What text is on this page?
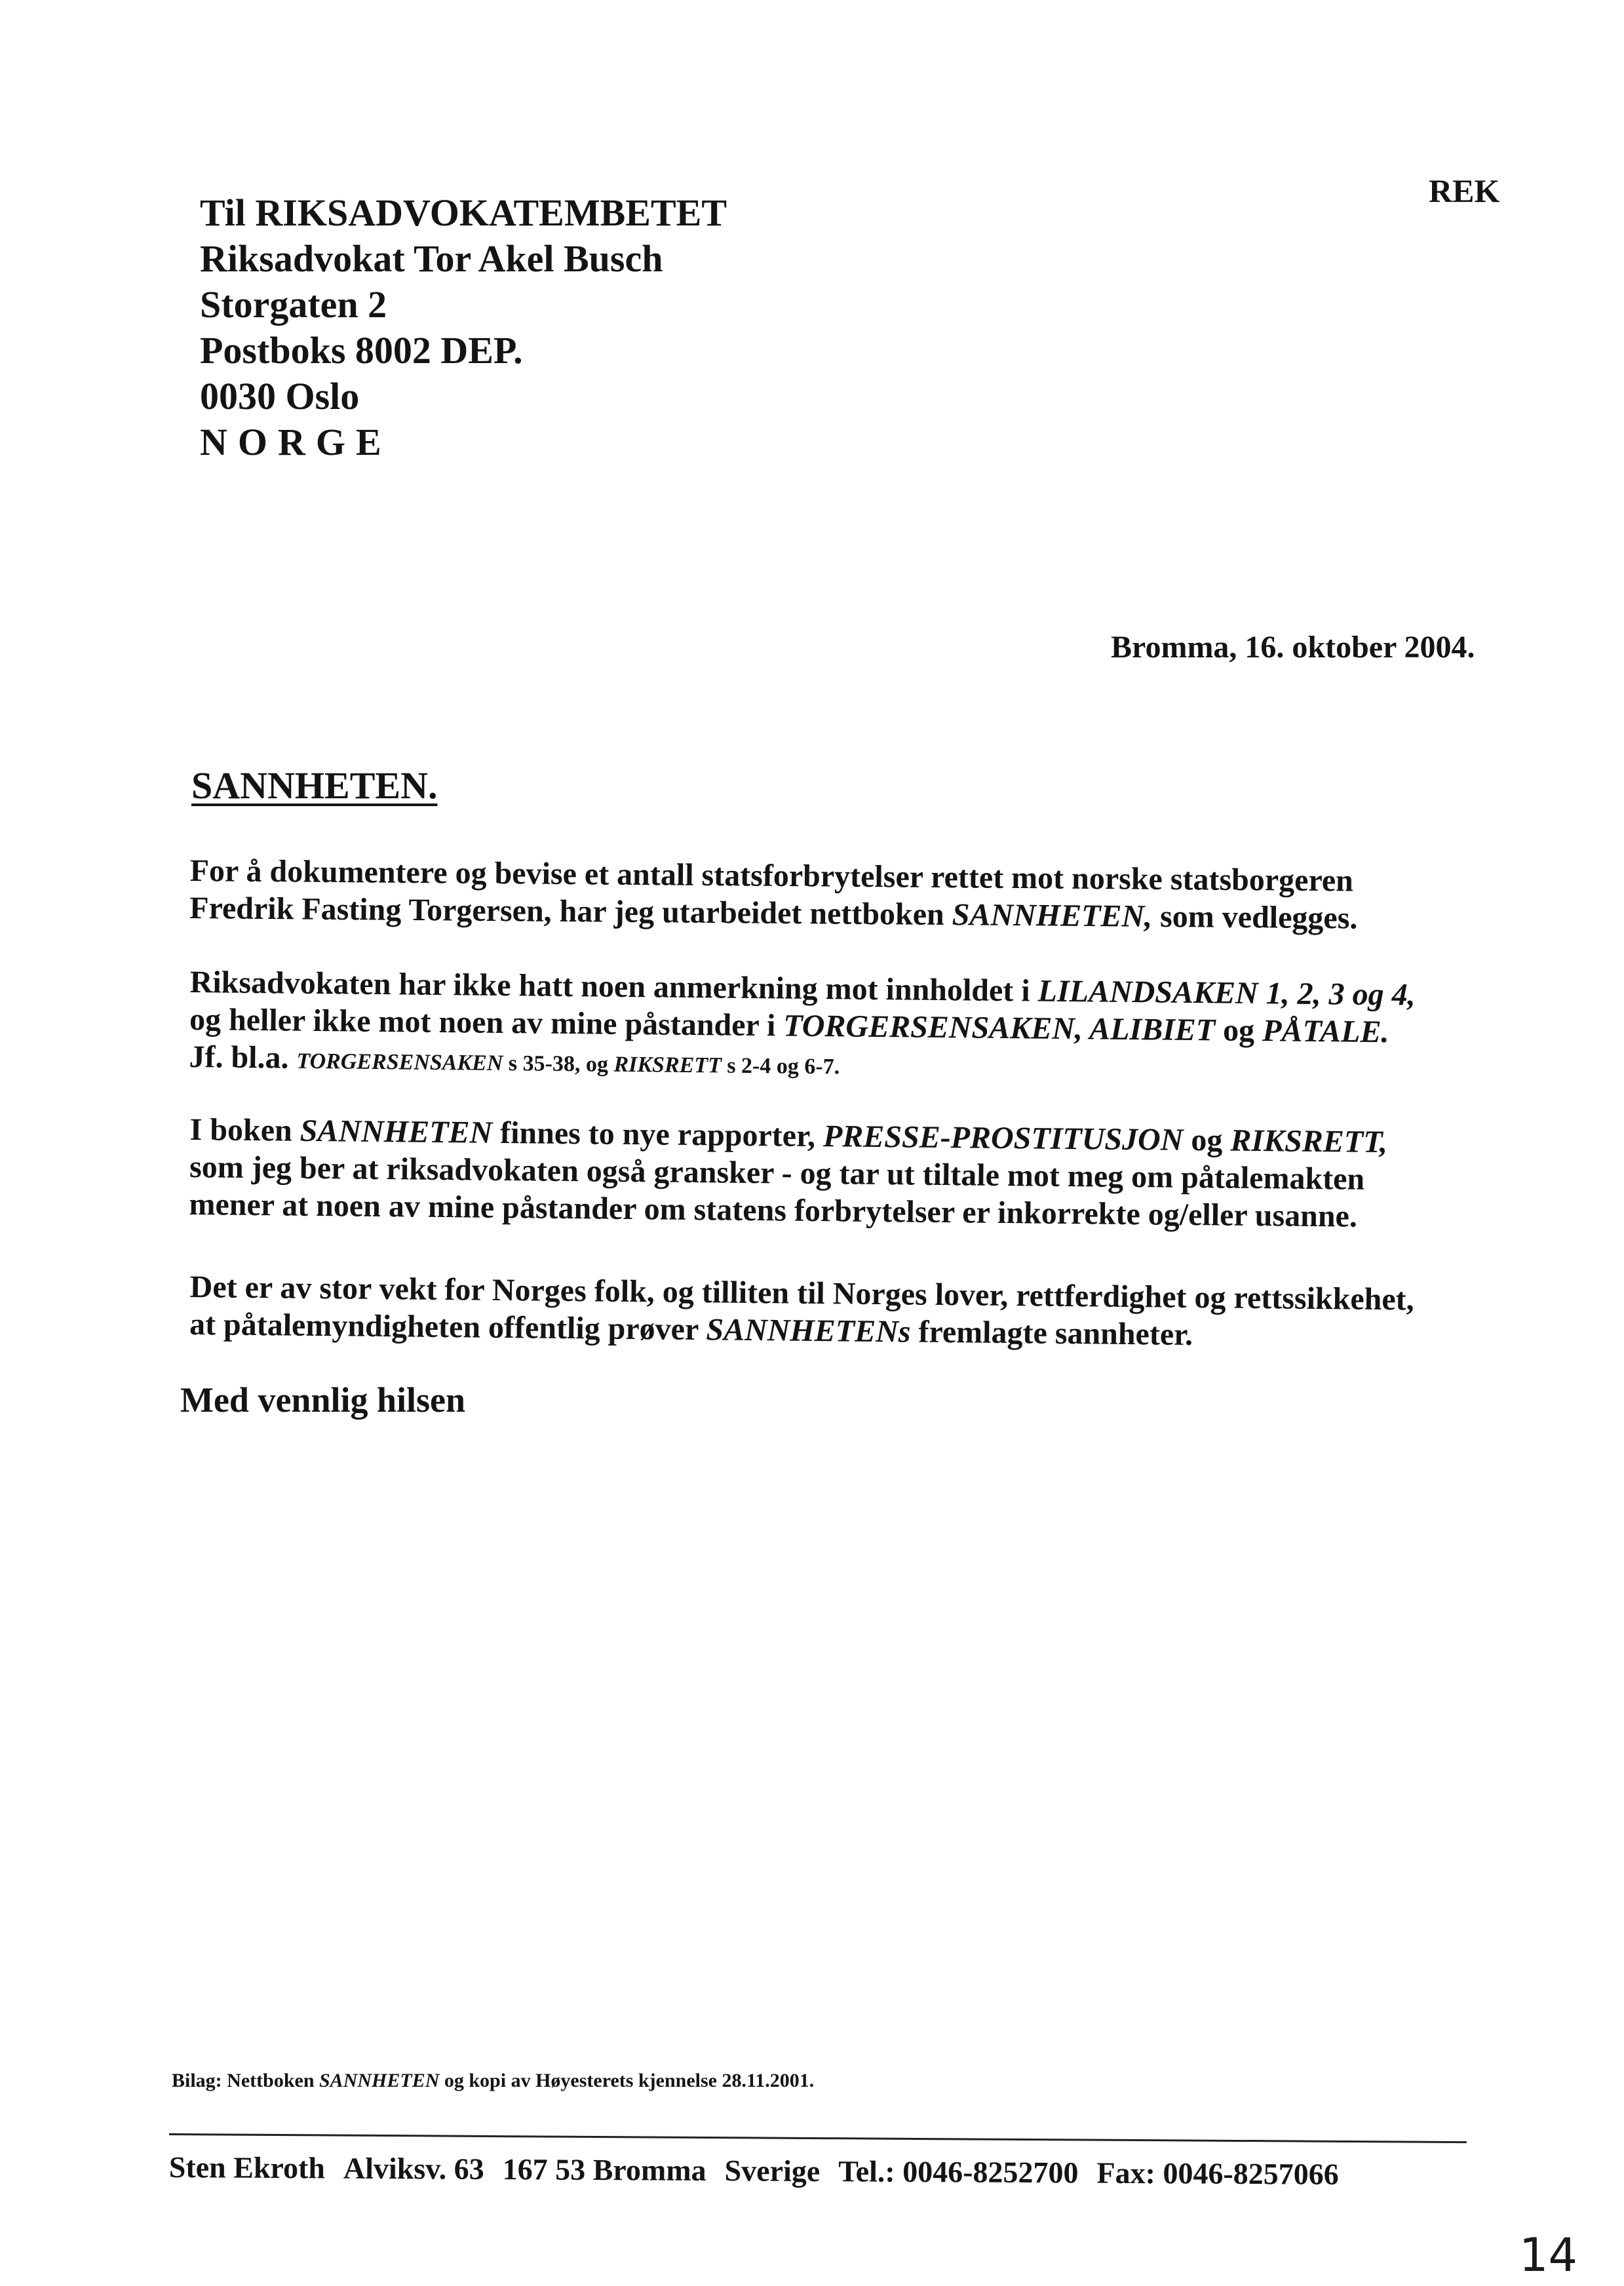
Til RIKSADVOKATEMBETET
Riksadvokat Tor Akel Busch
Storgaten 2
Postboks 8002 DEP.
0030 Oslo
NORGE
REK
Bromma, 16. oktober 2004.
SANNHETEN.
For å dokumentere og bevise et antall statsforbrytelser rettet mot norske statsborgeren
Fredrik Fasting Torgersen, har jeg utarbeidet nettboken SANNHETEN, som vedlegges.
Riksadvokaten har ikke hatt noen anmerkning mot innholdet i LILANDSAKEN 1, 2, 3 og 4,
og heller ikke mot noen av mine påstander i TORGERSENSAKEN, ALIBIET og PÅTALE.
Jf. bl.a. TORGERSENSAKEN s 35-38, og RIKSRETT s 2-4 og 6-7.
I boken SANNHETEN finnes to nye rapporter, PRESSE-PROSTITUSJON og RIKSRETT,
som jeg ber at riksadvokaten også gransker - og tar ut tiltale mot meg om påtalemakten
mener at noen av mine påstander om statens forbrytelser er inkorrekte og/eller usanne.
Det er av stor vekt for Norges folk, og tilliten til Norges lover, rettferdighet og rettssikkehet,
at påtalemyndigheten offentlig prøver SANNHETENs fremlagte sannheter.
Med vennlig hilsen
Bilag: Nettboken SANNHETEN og kopi av Høyesterets kjennelse 28.11.2001.
Sten Ekroth Alviksv. 63 167 53 Bromma Sverige Tel.: 0046-8252700 Fax: 0046-8257066
14
